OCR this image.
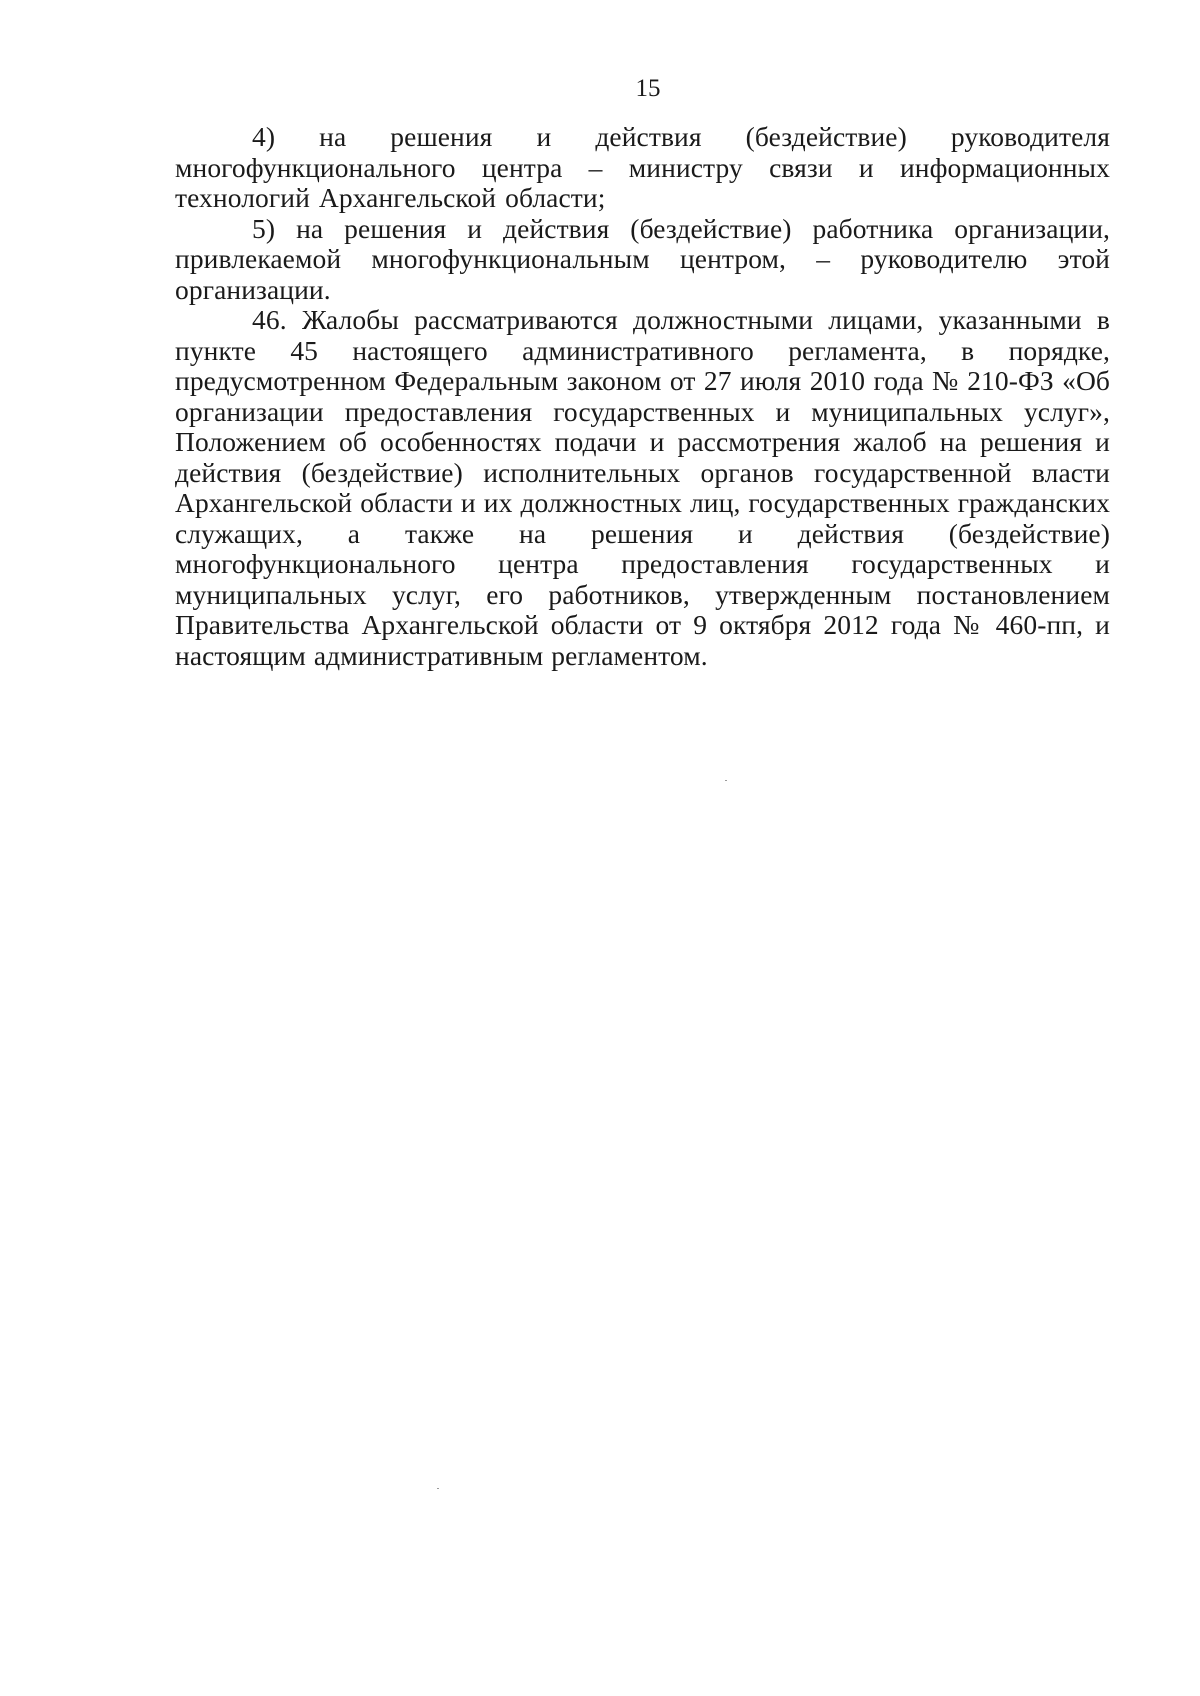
15

4) на решения и действия (бездействие) руководителя многофункционального центра – министру связи и информационных технологий Архангельской области;

5) на решения и действия (бездействие) работника организации, привлекаемой многофункциональным центром, – руководителю этой организации.

46. Жалобы рассматриваются должностными лицами, указанными в пункте 45 настоящего административного регламента, в порядке, предусмотренном Федеральным законом от 27 июля 2010 года № 210-ФЗ «Об организации предоставления государственных и муниципальных услуг», Положением об особенностях подачи и рассмотрения жалоб на решения и действия (бездействие) исполнительных органов государственной власти Архангельской области и их должностных лиц, государственных гражданских служащих, а также на решения и действия (бездействие) многофункционального центра предоставления государственных и муниципальных услуг, его работников, утвержденным постановлением Правительства Архангельской области от 9 октября 2012 года № 460-пп, и настоящим административным регламентом.
